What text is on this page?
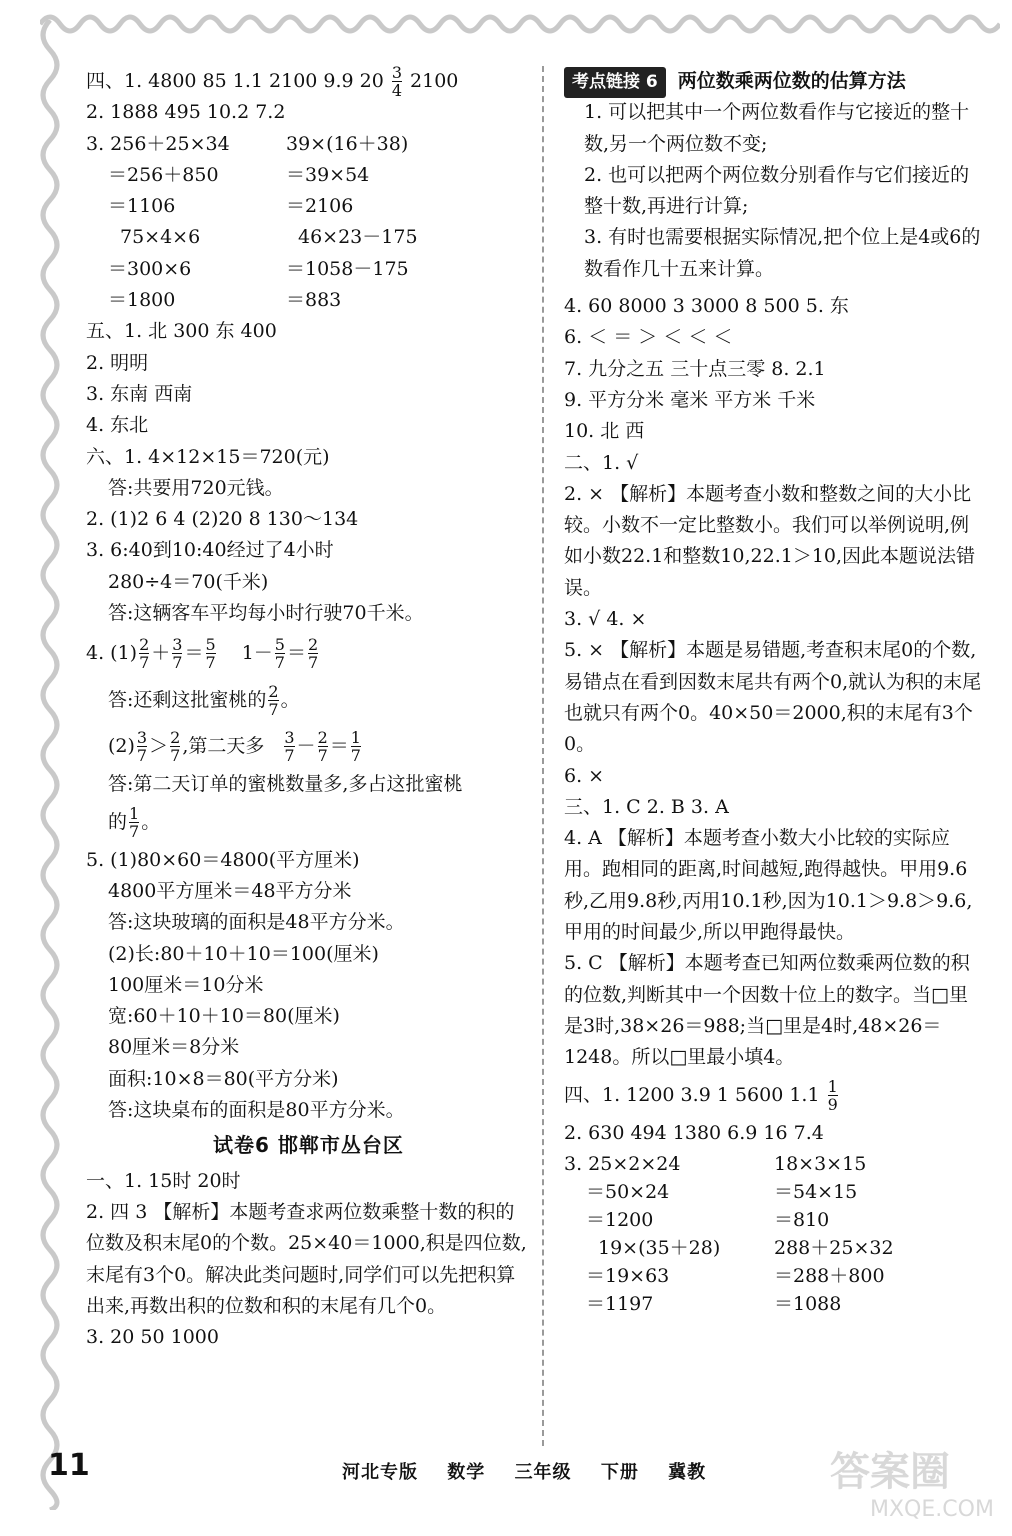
四、1. 4800 85 1.1 2100 9.9 $20 \frac{3}{4} 2100$
2. 1888 495 10.2 7.2
3. 256＋25×34	39×(16＋38)
＝256＋850	＝39×54
＝1106	＝2106
75×4×6	46×23－175
＝300×6	＝1058－175
＝1800	＝883
五、1. 北 300 东 400
2. 明明
3. 东南 西南
4. 东北
六、1. 4×12×15＝720(元)
答:共要用720元钱。
2. (1)2 6 4 (2)20 8 130～134
3. 6:40到10:40经过了4小时
280÷4＝70(千米)
答:这辆客车平均每小时行驶70千米。
4. $(1) \frac{2}{7} + \frac{3}{7} = \frac{5}{7} 1 - \frac{5}{7} = \frac{2}{7}$
答:还剩这批蜜桃的 $\frac{2}{7}$ 。
$(2) \frac{3}{7} > \frac{2}{7}$ ,第二天多 $\frac{3}{7} - \frac{2}{7} = \frac{1}{7}$
答:第二天订单的蜜桃数量多,多占这批蜜桃
的 $\frac{1}{7}$ 。
5. (1)80×60＝4800(平方厘米)
4800平方厘米＝48平方分米
答:这块玻璃的面积是48平方分米。
(2)长:80＋10＋10＝100(厘米)
100厘米＝10分米
宽:60＋10＋10＝80(厘米)
80厘米＝8分米
面积:10×8＝80(平方分米)
答:这块桌布的面积是80平方分米。
试卷6 邯郸市丛台区
一、1. 15时 20时
2. 四 3 【解析】本题考查求两位数乘整十数的积的位数及积末尾0的个数。25×40＝1000,积是四位数,末尾有3个0。解决此类问题时,同学们可以先把积算出来,再数出积的位数和积的末尾有几个0。
3. 20 50 1000
考点链接 6 两位数乘两位数的估算方法
1. 可以把其中一个两位数看作与它接近的整十数,另一个两位数不变;
2. 也可以把两个两位数分别看作与它们接近的整十数,再进行计算;
3. 有时也需要根据实际情况,把个位上是4或6的数看作几十五来计算。
4. 60 8000 3 3000 8 500 5. 东
6. ＜ ＝ ＞ ＜ ＜ ＜
7. 九分之五 三十点三零 8. 2.1
9. 平方分米 毫米 平方米 千米
10. 北 西
二、1. √
2. × 【解析】本题考查小数和整数之间的大小比较。小数不一定比整数小。我们可以举例说明,例如小数22.1和整数10,22.1＞10,因此本题说法错误。
3. √ 4. ×
5. × 【解析】本题是易错题,考查积末尾0的个数,易错点在看到因数末尾共有两个0,就认为积的末尾也就只有两个0。40×50＝2000,积的末尾有3个0。
6. ×
三、1. C 2. B 3. A
4. A 【解析】本题考查小数大小比较的实际应用。跑相同的距离,时间越短,跑得越快。甲用9.6秒,乙用9.8秒,丙用10.1秒,因为10.1＞9.8＞9.6,甲用的时间最少,所以甲跑得最快。
5. C 【解析】本题考查已知两位数乘两位数的积的位数,判断其中一个因数十位上的数字。当□里是3时,38×26＝988;当□里是4时,48×26＝1248。所以□里最小填4。
四、1. 1200 3.9 1 5600 $1.1 \frac{1}{9}$
2. 630 494 1380 6.9 16 7.4
3. 25×2×24	18×3×15
＝50×24	＝54×15
＝1200	＝810
19×(35＋28)	288＋25×32
＝19×63	＝288＋800
＝1197	＝1088
11	河北专版 数学 三年级 下册 冀教	答案圈
MXQE.COM
